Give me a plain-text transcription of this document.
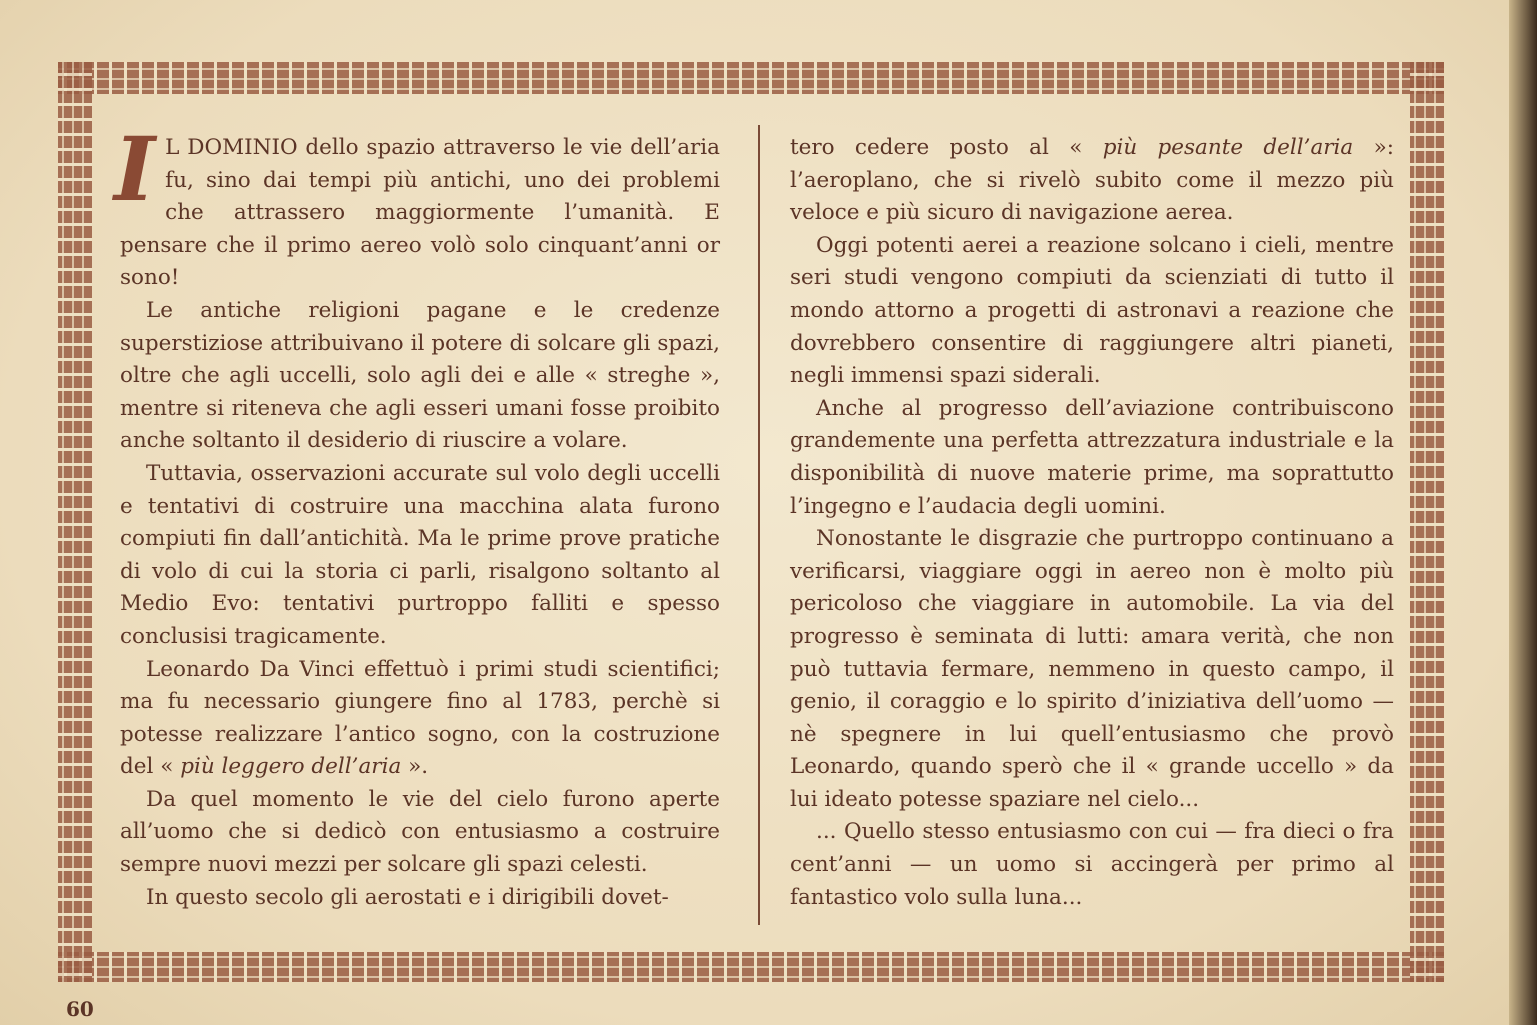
I L DOMINIO dello spazio attraverso le vie dell’aria fu, sino dai tempi più antichi, uno dei problemi che attrassero maggiormente l’umanità. E pensare che il primo aereo volò solo cinquant’anni or sono!

Le antiche religioni pagane e le credenze superstiziose attribuivano il potere di solcare gli spazi, oltre che agli uccelli, solo agli dei e alle « streghe », mentre si riteneva che agli esseri umani fosse proibito anche soltanto il desiderio di riuscire a volare.

Tuttavia, osservazioni accurate sul volo degli uccelli e tentativi di costruire una macchina alata furono compiuti fin dall’antichità. Ma le prime prove pratiche di volo di cui la storia ci parli, risalgono soltanto al Medio Evo: tentativi purtroppo falliti e spesso conclusisi tragicamente.

Leonardo Da Vinci effettuò i primi studi scientifici; ma fu necessario giungere fino al 1783, perchè si potesse realizzare l’antico sogno, con la costruzione del « più leggero dell’aria ».

Da quel momento le vie del cielo furono aperte all’uomo che si dedicò con entusiasmo a costruire sempre nuovi mezzi per solcare gli spazi celesti.

In questo secolo gli aerostati e i dirigibili dovet-

tero cedere posto al « più pesante dell’aria »: l’aeroplano, che si rivelò subito come il mezzo più veloce e più sicuro di navigazione aerea.

Oggi potenti aerei a reazione solcano i cieli, mentre seri studi vengono compiuti da scienziati di tutto il mondo attorno a progetti di astronavi a reazione che dovrebbero consentire di raggiungere altri pianeti, negli immensi spazi siderali.

Anche al progresso dell’aviazione contribuiscono grandemente una perfetta attrezzatura industriale e la disponibilità di nuove materie prime, ma soprattutto l’ingegno e l’audacia degli uomini.

Nonostante le disgrazie che purtroppo continuano a verificarsi, viaggiare oggi in aereo non è molto più pericoloso che viaggiare in automobile. La via del progresso è seminata di lutti: amara verità, che non può tuttavia fermare, nemmeno in questo campo, il genio, il coraggio e lo spirito d’iniziativa dell’uomo — nè spegnere in lui quell’entusiasmo che provò Leonardo, quando sperò che il « grande uccello » da lui ideato potesse spaziare nel cielo...

... Quello stesso entusiasmo con cui — fra dieci o fra cent’anni — un uomo si accingerà per primo al fantastico volo sulla luna...

60
